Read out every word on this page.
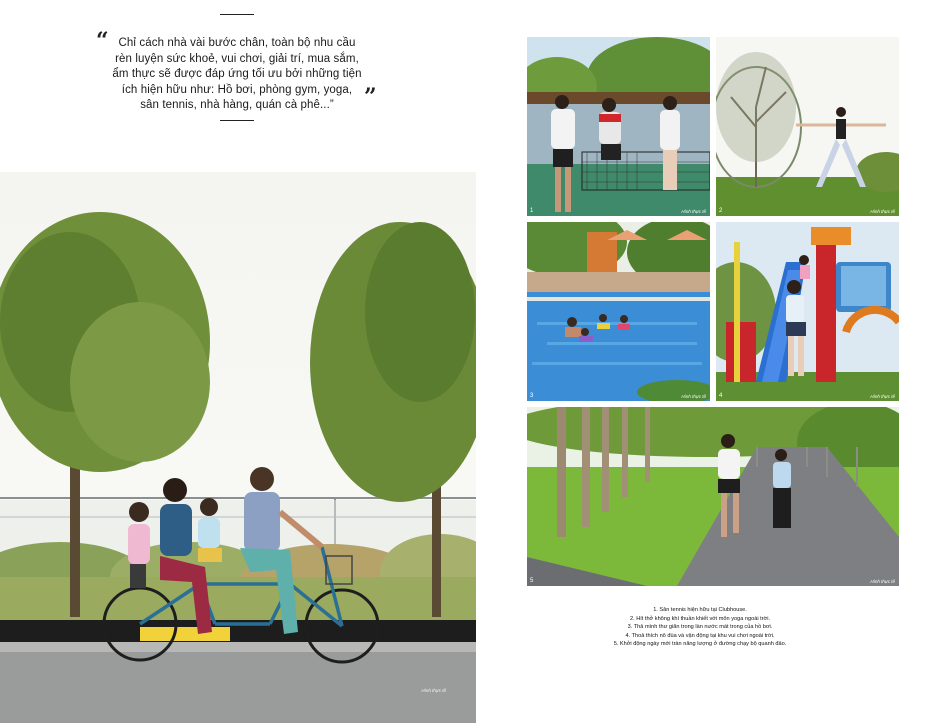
“ Chỉ cách nhà vài bước chân, toàn bộ nhu cầu rèn luyện sức khoẻ, vui chơi, giải trí, mua sắm, ẩm thực sẽ được đáp ứng tối ưu bởi những tiện ích hiện hữu như: Hồ bơi, phòng gym, yoga, sân tennis, nhà hàng, quán cà phê...”	”
Hình thực tế
1	Hình thực tế 2	Hình thực tế
3	Hình thực tế 4	Hình thực tế
5	Hình thực tế
1. Sân tennis hiện hữu tại Clubhouse.
2. Hít thở không khí thuần khiết với môn yoga ngoài trời.
3. Thả mình thư giãn trong làn nước mát trong của hồ bơi.
4. Thoả thích nô đùa và vận động tại khu vui chơi ngoài trời.
5. Khởi động ngày mới tràn năng lượng ở đường chạy bộ quanh đảo.
